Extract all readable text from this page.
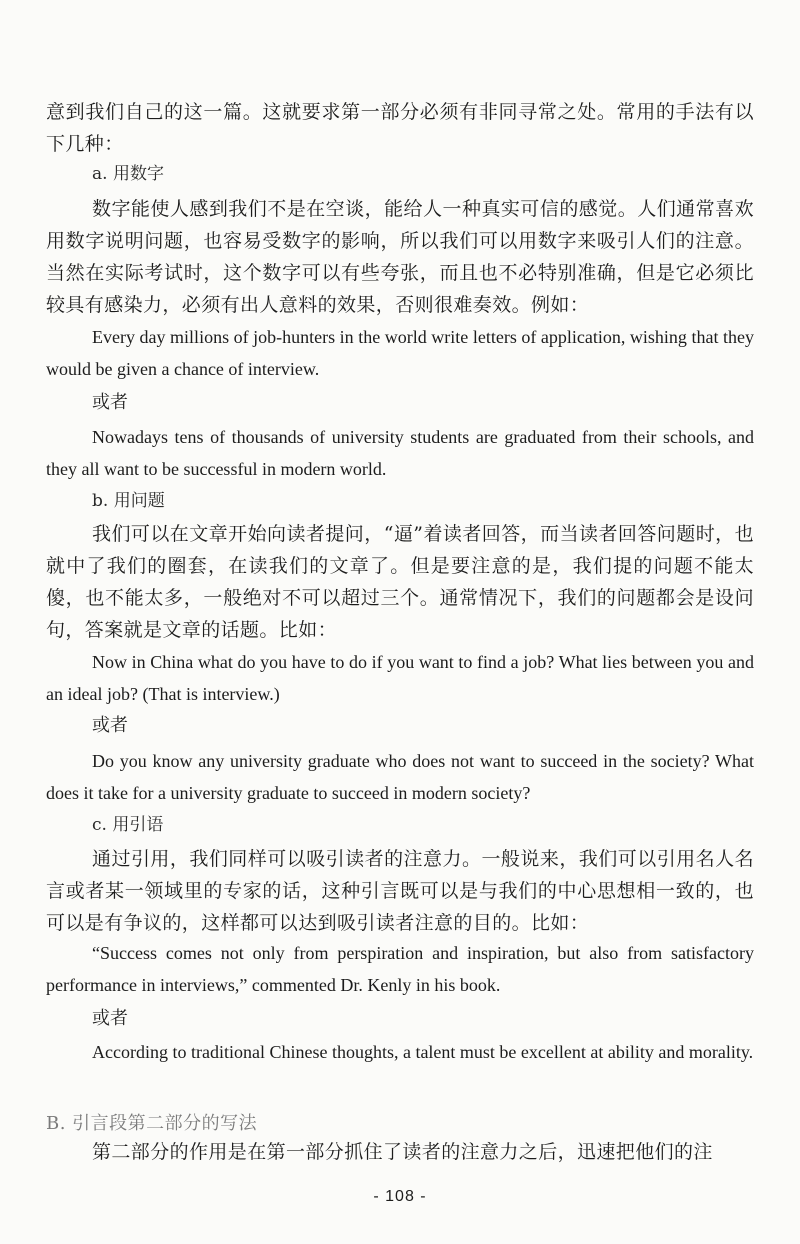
意到我们自己的这一篇。这就要求第一部分必须有非同寻常之处。常用的手法有以下几种：

a. 用数字

数字能使人感到我们不是在空谈，能给人一种真实可信的感觉。人们通常喜欢用数字说明问题，也容易受数字的影响，所以我们可以用数字来吸引人们的注意。当然在实际考试时，这个数字可以有些夸张，而且也不必特别准确，但是它必须比较具有感染力，必须有出人意料的效果，否则很难奏效。例如：

Every day millions of job-hunters in the world write letters of application, wishing that they would be given a chance of interview.

或者

Nowadays tens of thousands of university students are graduated from their schools, and they all want to be successful in modern world.

b. 用问题

我们可以在文章开始向读者提问，“逼”着读者回答，而当读者回答问题时，也就中了我们的圈套，在读我们的文章了。但是要注意的是，我们提的问题不能太傻，也不能太多，一般绝对不可以超过三个。通常情况下，我们的问题都会是设问句，答案就是文章的话题。比如：

Now in China what do you have to do if you want to find a job? What lies between you and an ideal job? (That is interview.)

或者

Do you know any university graduate who does not want to succeed in the society? What does it take for a university graduate to succeed in modern society?

c. 用引语

通过引用，我们同样可以吸引读者的注意力。一般说来，我们可以引用名人名言或者某一领域里的专家的话，这种引言既可以是与我们的中心思想相一致的，也可以是有争议的，这样都可以达到吸引读者注意的目的。比如：

“Success comes not only from perspiration and inspiration, but also from satisfactory performance in interviews,” commented Dr. Kenly in his book.

或者

According to traditional Chinese thoughts, a talent must be excellent at ability and morality.

B. 引言段第二部分的写法

第二部分的作用是在第一部分抓住了读者的注意力之后，迅速把他们的注

- 108 -
